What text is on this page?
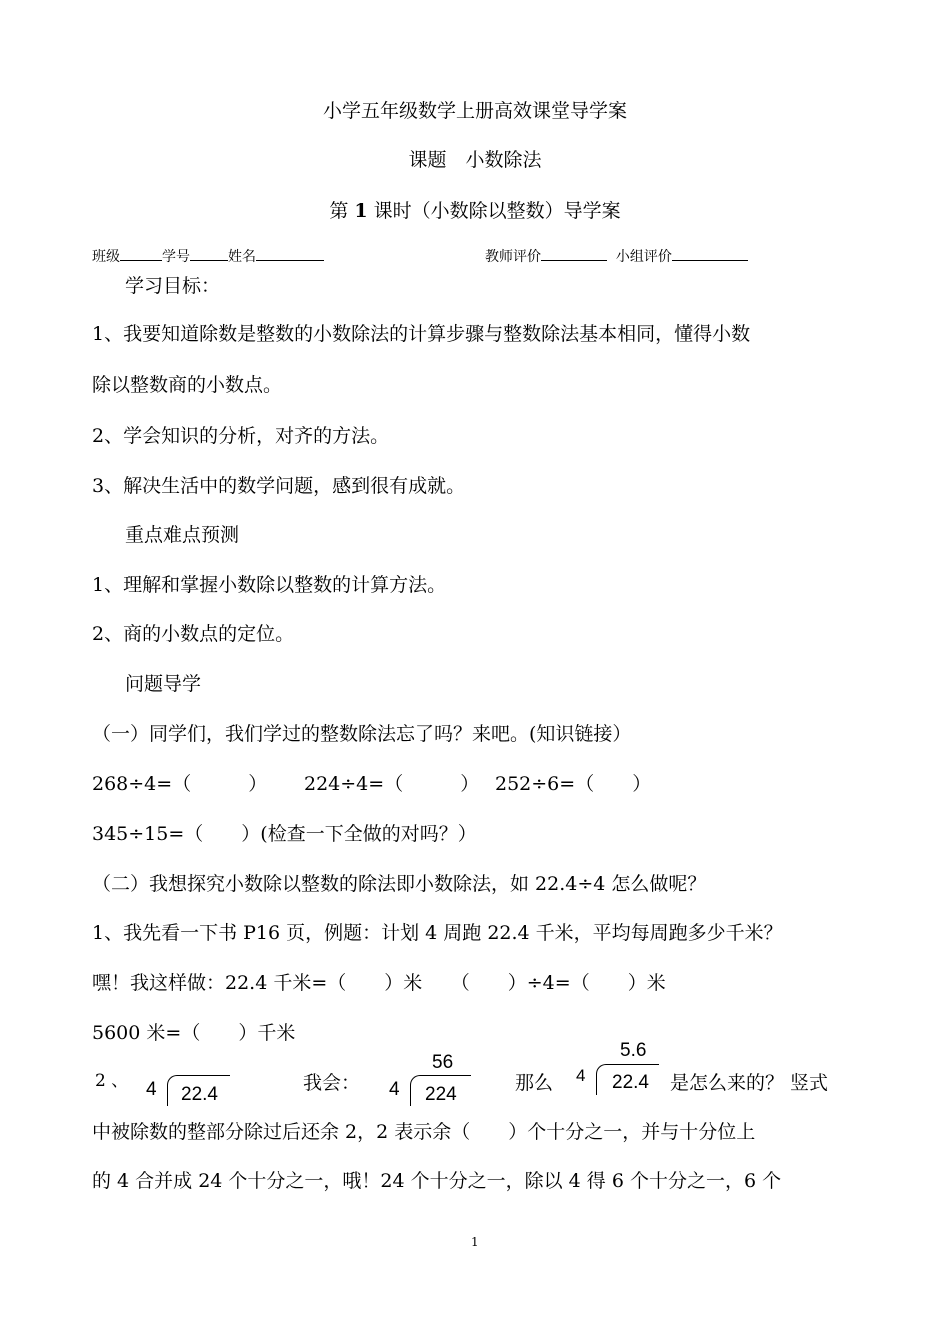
小学五年级数学上册高效课堂导学案
课题　小数除法
第 1 课时（小数除以整数）导学案
班级	学号	姓名	教师评价	小组评价
学习目标：
1、我要知道除数是整数的小数除法的计算步骤与整数除法基本相同，懂得小数
除以整数商的小数点。
2、学会知识的分析，对齐的方法。
3、解决生活中的数学问题，感到很有成就。
重点难点预测
1、理解和掌握小数除以整数的计算方法。
2、商的小数点的定位。
问题导学
（一）同学们，我们学过的整数除法忘了吗？来吧。(知识链接）
268÷4=（　　　） 224÷4=（　　　） 252÷6=（　　）
345÷15=（　　）(检查一下全做的对吗？）
（二）我想探究小数除以整数的除法即小数除法，如 22.4÷4 怎么做呢？
1、我先看一下书 P16 页，例题：计划 4 周跑 22.4 千米，平均每周跑多少千米？
嘿！我这样做：22.4 千米=（　　）米　　（　　）÷4=（　　）米
5600 米=（　　）千米
2 、 4 22.4
我会：
56
4 224
那么
5.6
4 22.4 是怎么来的？ 竖式
中被除数的整部分除过后还余 2，2 表示余（　　）个十分之一，并与十分位上
的 4 合并成 24 个十分之一，哦！24 个十分之一，除以 4 得 6 个十分之一，6 个
1
